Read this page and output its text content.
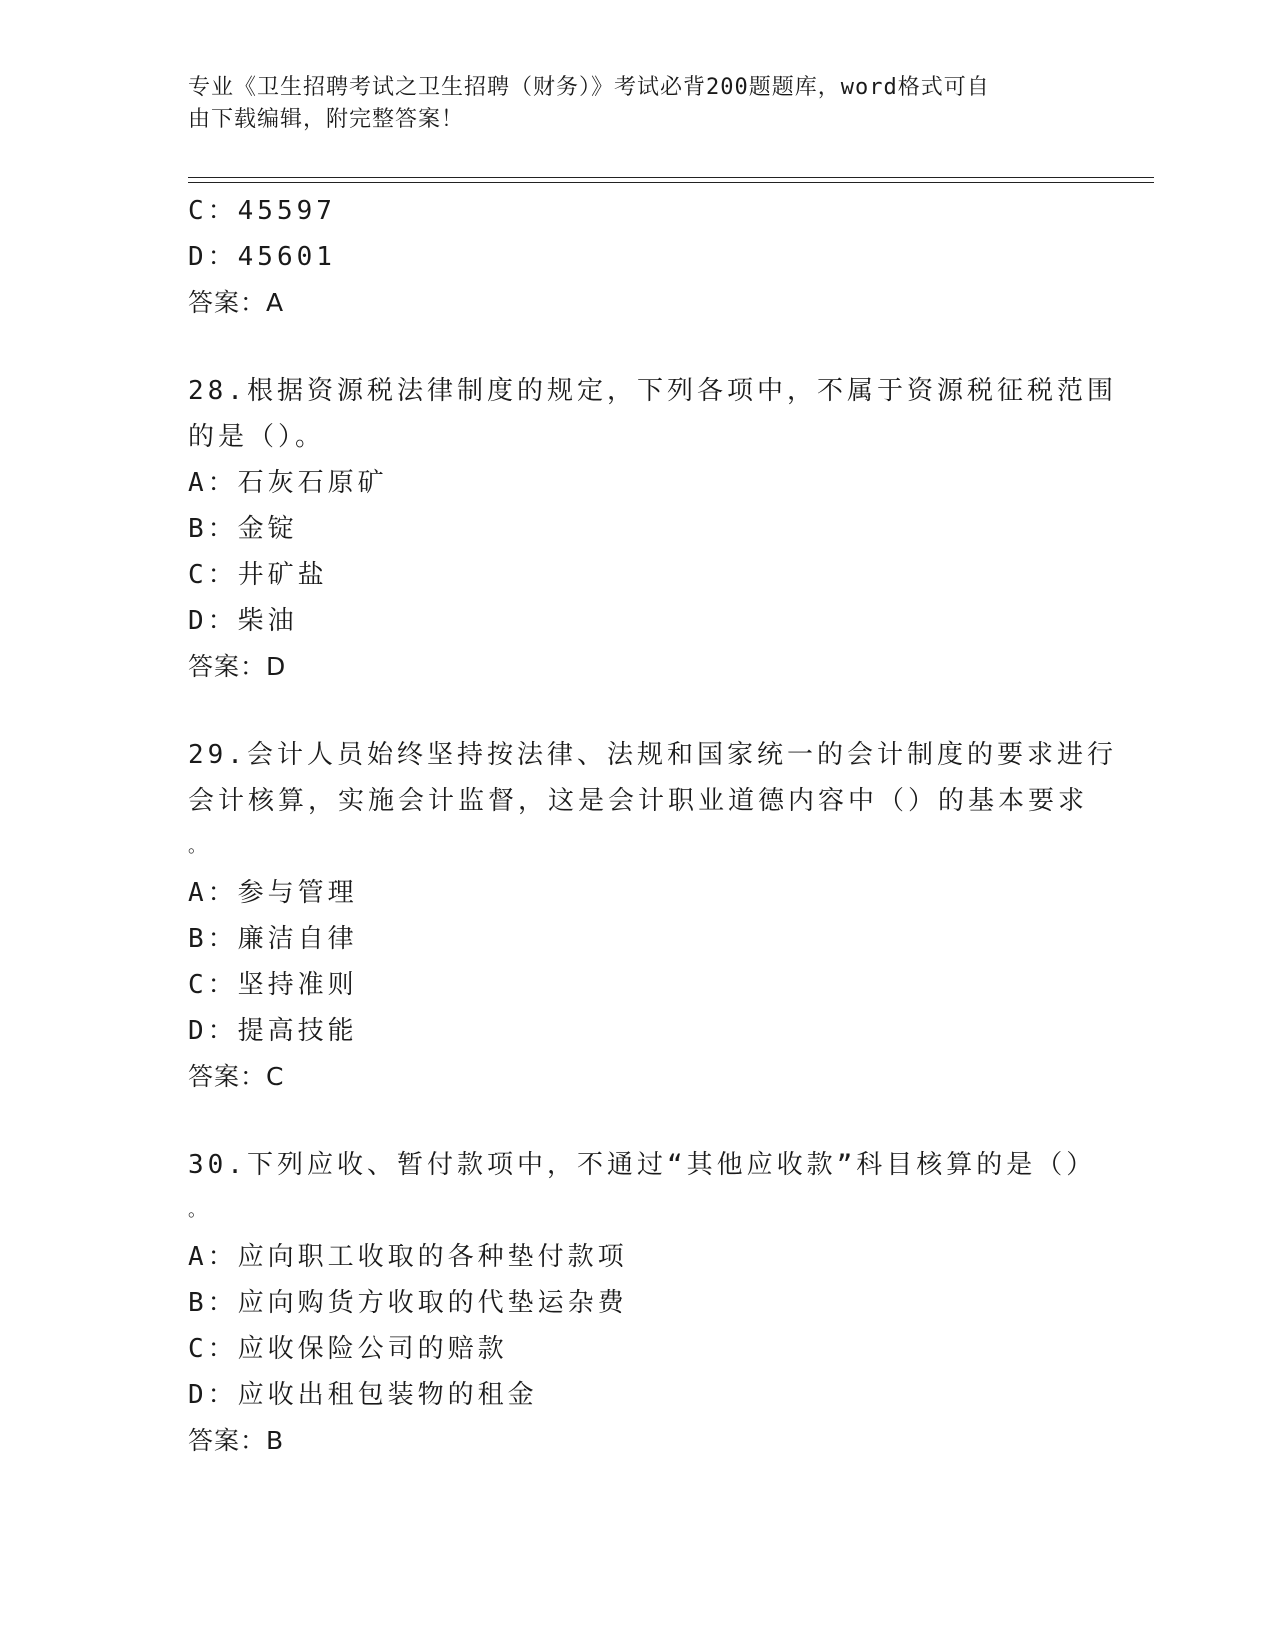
专业《卫生招聘考试之卫生招聘（财务）》考试必背200题题库，word格式可自
由下载编辑，附完整答案！
C：45597
D：45601
答案：A
28.根据资源税法律制度的规定，下列各项中，不属于资源税征税范围
的是（）。
A：石灰石原矿
B：金锭
C：井矿盐
D：柴油
答案：D
29.会计人员始终坚持按法律、法规和国家统一的会计制度的要求进行
会计核算，实施会计监督，这是会计职业道德内容中（）的基本要求
。
A：参与管理
B：廉洁自律
C：坚持准则
D：提高技能
答案：C
30.下列应收、暂付款项中，不通过“其他应收款”科目核算的是（）
。
A：应向职工收取的各种垫付款项
B：应向购货方收取的代垫运杂费
C：应收保险公司的赔款
D：应收出租包装物的租金
答案：B
